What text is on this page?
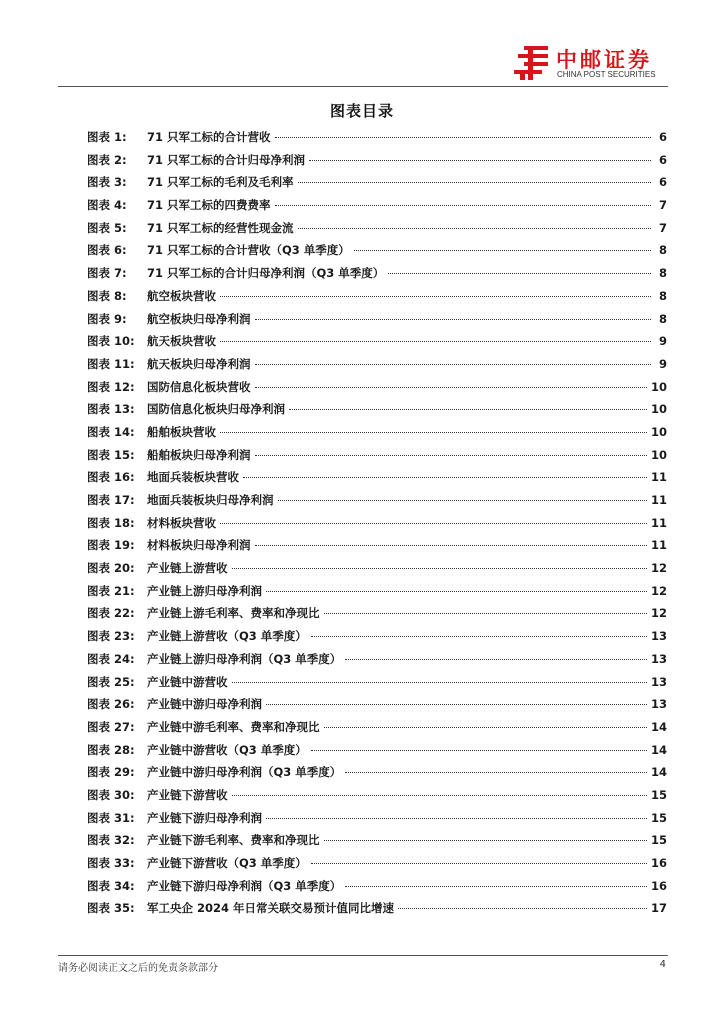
中邮证券
CHINA POST SECURITIES
图表目录
图表 1:	71 只军工标的合计营收	6
图表 2:	71 只军工标的合计归母净利润	6
图表 3:	71 只军工标的毛利及毛利率	6
图表 4:	71 只军工标的四费费率	7
图表 5:	71 只军工标的经营性现金流	7
图表 6:	71 只军工标的合计营收（Q3 单季度）	8
图表 7:	71 只军工标的合计归母净利润（Q3 单季度）	8
图表 8:	航空板块营收	8
图表 9:	航空板块归母净利润	8
图表 10:	航天板块营收	9
图表 11:	航天板块归母净利润	9
图表 12:	国防信息化板块营收	10
图表 13:	国防信息化板块归母净利润	10
图表 14:	船舶板块营收	10
图表 15:	船舶板块归母净利润	10
图表 16:	地面兵装板块营收	11
图表 17:	地面兵装板块归母净利润	11
图表 18:	材料板块营收	11
图表 19:	材料板块归母净利润	11
图表 20:	产业链上游营收	12
图表 21:	产业链上游归母净利润	12
图表 22:	产业链上游毛利率、费率和净现比	12
图表 23:	产业链上游营收（Q3 单季度）	13
图表 24:	产业链上游归母净利润（Q3 单季度）	13
图表 25:	产业链中游营收	13
图表 26:	产业链中游归母净利润	13
图表 27:	产业链中游毛利率、费率和净现比	14
图表 28:	产业链中游营收（Q3 单季度）	14
图表 29:	产业链中游归母净利润（Q3 单季度）	14
图表 30:	产业链下游营收	15
图表 31:	产业链下游归母净利润	15
图表 32:	产业链下游毛利率、费率和净现比	15
图表 33:	产业链下游营收（Q3 单季度）	16
图表 34:	产业链下游归母净利润（Q3 单季度）	16
图表 35:	军工央企 2024 年日常关联交易预计值同比增速	17
请务必阅读正文之后的免责条款部分	4
